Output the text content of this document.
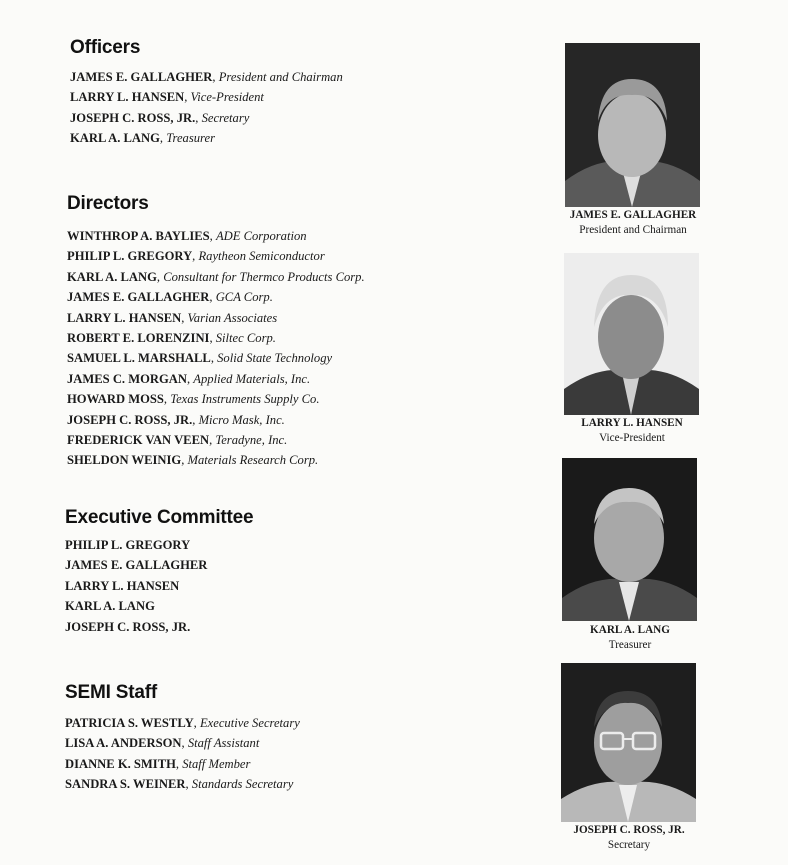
Officers
JAMES E. GALLAGHER, President and Chairman
LARRY L. HANSEN, Vice-President
JOSEPH C. ROSS, JR., Secretary
KARL A. LANG, Treasurer
Directors
WINTHROP A. BAYLIES, ADE Corporation
PHILIP L. GREGORY, Raytheon Semiconductor
KARL A. LANG, Consultant for Thermco Products Corp.
JAMES E. GALLAGHER, GCA Corp.
LARRY L. HANSEN, Varian Associates
ROBERT E. LORENZINI, Siltec Corp.
SAMUEL L. MARSHALL, Solid State Technology
JAMES C. MORGAN, Applied Materials, Inc.
HOWARD MOSS, Texas Instruments Supply Co.
JOSEPH C. ROSS, JR., Micro Mask, Inc.
FREDERICK VAN VEEN, Teradyne, Inc.
SHELDON WEINIG, Materials Research Corp.
Executive Committee
PHILIP L. GREGORY
JAMES E. GALLAGHER
LARRY L. HANSEN
KARL A. LANG
JOSEPH C. ROSS, JR.
SEMI Staff
PATRICIA S. WESTLY, Executive Secretary
LISA A. ANDERSON, Staff Assistant
DIANNE K. SMITH, Staff Member
SANDRA S. WEINER, Standards Secretary
JAMES E. GALLAGHER
President and Chairman
LARRY L. HANSEN
Vice-President
KARL A. LANG
Treasurer
JOSEPH C. ROSS, JR.
Secretary
